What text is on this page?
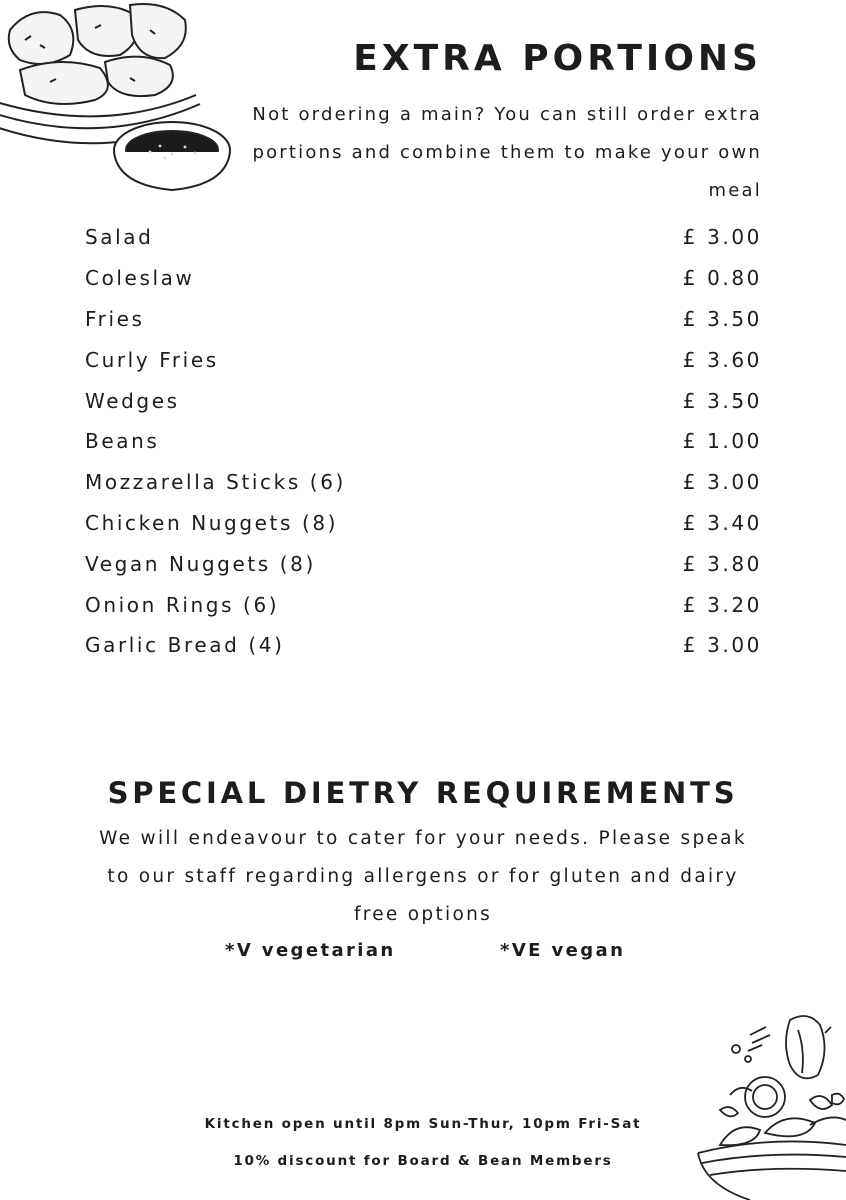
EXTRA PORTIONS

Not ordering a main? You can still order extra portions and combine them to make your own meal

Salad	£ 3.00
Coleslaw	£ 0.80
Fries	£ 3.50
Curly Fries	£ 3.60
Wedges	£ 3.50
Beans	£ 1.00
Mozzarella Sticks (6)	£ 3.00
Chicken Nuggets (8)	£ 3.40
Vegan Nuggets (8)	£ 3.80
Onion Rings (6)	£ 3.20
Garlic Bread (4)	£ 3.00
SPECIAL DIETRY REQUIREMENTS

We will endeavour to cater for your needs. Please speak to our staff regarding allergens or for gluten and dairy free options

*V vegetarian	*VE vegan
Kitchen open until 8pm Sun-Thur, 10pm Fri-Sat
10% discount for Board & Bean Members
